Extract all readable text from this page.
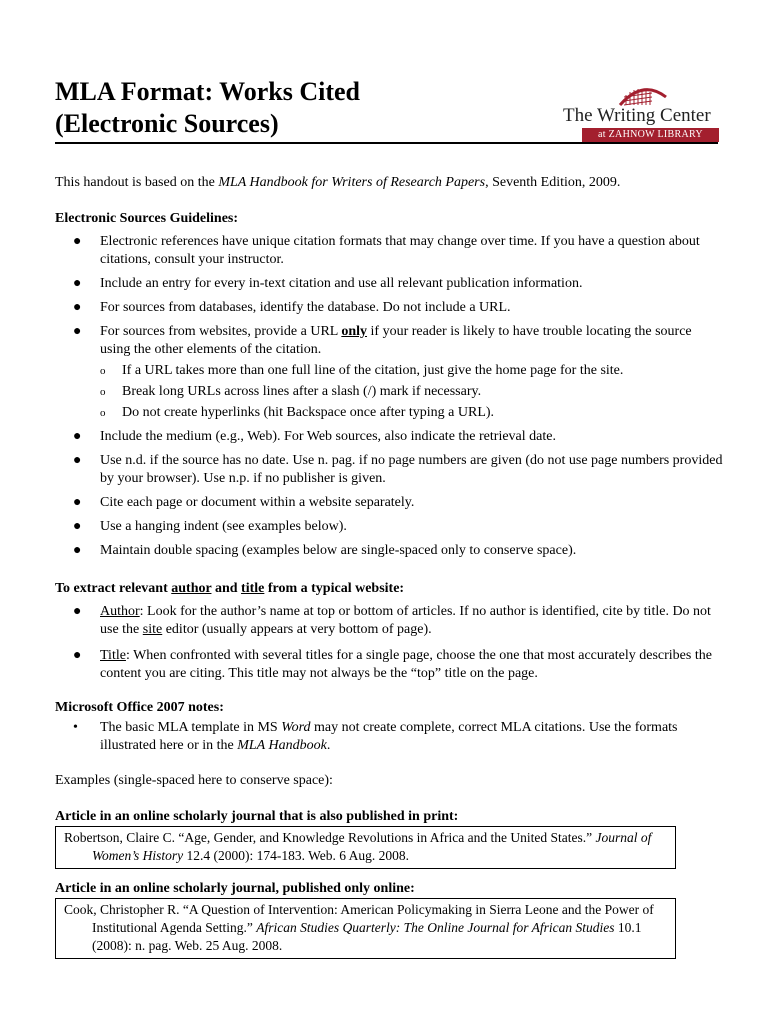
MLA Format: Works Cited
(Electronic Sources)	The Writing Center
at ZAHNOW LIBRARY
This handout is based on the MLA Handbook for Writers of Research Papers, Seventh Edition, 2009.
Electronic Sources Guidelines:
● Electronic references have unique citation formats that may change over time. If you have a question about citations, consult your instructor.
● Include an entry for every in-text citation and use all relevant publication information.
● For sources from databases, identify the database. Do not include a URL.
● For sources from websites, provide a URL only if your reader is likely to have trouble locating the source using the other elements of the citation.
o If a URL takes more than one full line of the citation, just give the home page for the site.
o Break long URLs across lines after a slash (/) mark if necessary.
o Do not create hyperlinks (hit Backspace once after typing a URL).
● Include the medium (e.g., Web). For Web sources, also indicate the retrieval date.
● Use n.d. if the source has no date. Use n. pag. if no page numbers are given (do not use page numbers provided by your browser). Use n.p. if no publisher is given.
● Cite each page or document within a website separately.
● Use a hanging indent (see examples below).
● Maintain double spacing (examples below are single-spaced only to conserve space).
To extract relevant author and title from a typical website:
● Author: Look for the author’s name at top or bottom of articles. If no author is identified, cite by title. Do not use the site editor (usually appears at very bottom of page).
● Title: When confronted with several titles for a single page, choose the one that most accurately describes the content you are citing. This title may not always be the “top” title on the page.
Microsoft Office 2007 notes:
• The basic MLA template in MS Word may not create complete, correct MLA citations. Use the formats illustrated here or in the MLA Handbook.
Examples (single-spaced here to conserve space):
Article in an online scholarly journal that is also published in print:
Robertson, Claire C. “Age, Gender, and Knowledge Revolutions in Africa and the United States.” Journal of Women’s History 12.4 (2000): 174-183. Web. 6 Aug. 2008.
Article in an online scholarly journal, published only online:
Cook, Christopher R. “A Question of Intervention: American Policymaking in Sierra Leone and the Power of Institutional Agenda Setting.” African Studies Quarterly: The Online Journal for African Studies 10.1 (2008): n. pag. Web. 25 Aug. 2008.
